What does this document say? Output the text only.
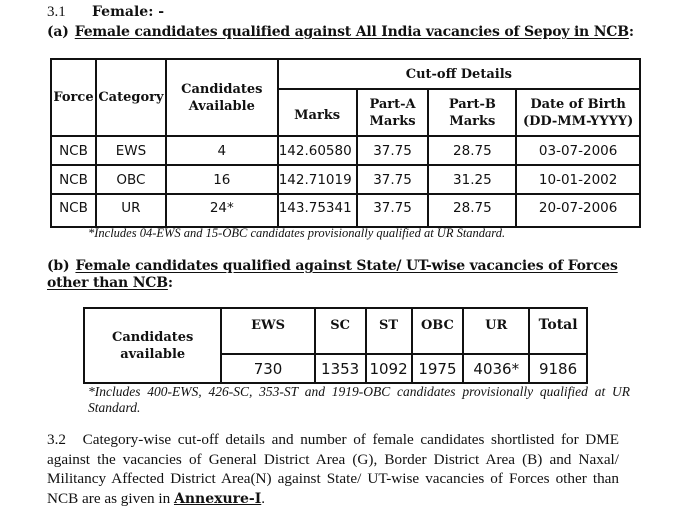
3.1 Female: -
(a) Female candidates qualified against All India vacancies of Sepoy in NCB:
Force	Category	Candidates Available	Cut-off Details			
			Marks	Part-A Marks	Part-B Marks	Date of Birth (DD-MM-YYYY)
NCB	EWS	4	142.60580	37.75	28.75	03-07-2006
NCB	OBC	16	142.71019	37.75	31.25	10-01-2002
NCB	UR	24*	143.75341	37.75	28.75	20-07-2006
*Includes 04-EWS and 15-OBC candidates provisionally qualified at UR Standard.
(b) Female candidates qualified against State/ UT-wise vacancies of Forces other than NCB:
Candidates available	EWS	SC	ST	OBC	UR	Total
	730	1353	1092	1975	4036*	9186
*Includes 400-EWS, 426-SC, 353-ST and 1919-OBC candidates provisionally qualified at UR Standard.
3.2 Category-wise cut-off details and number of female candidates shortlisted for DME against the vacancies of General District Area (G), Border District Area (B) and Naxal/ Militancy Affected District Area(N) against State/ UT-wise vacancies of Forces other than NCB are as given in Annexure-I.
